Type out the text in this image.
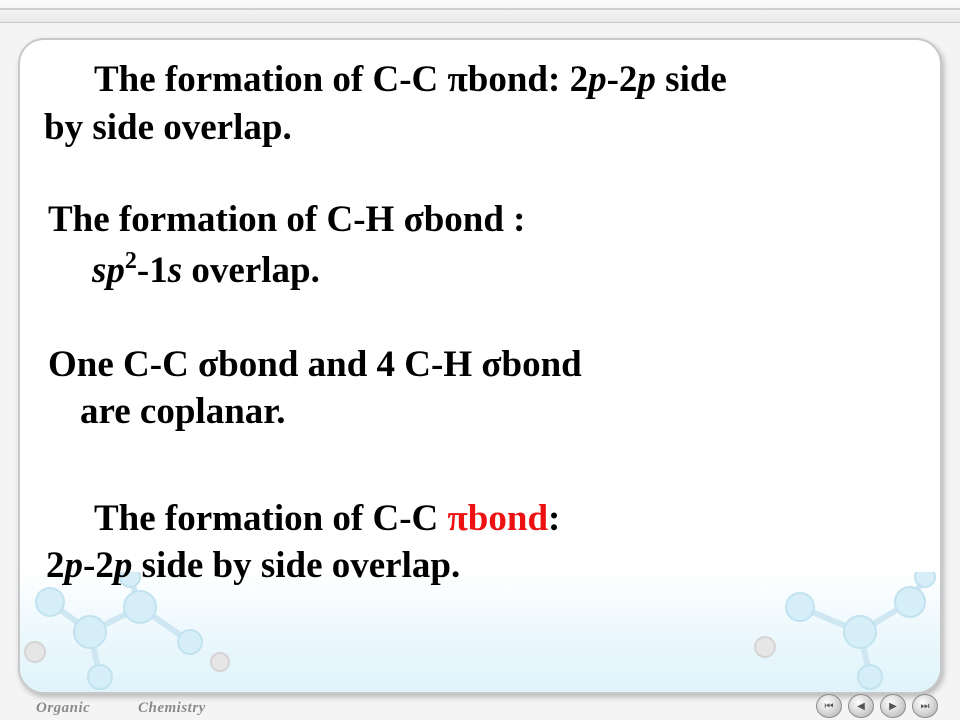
The formation of C-C πbond: 2p-2p side

by side overlap.

The formation of C-H σbond :

$sp^2-1s$ overlap.

One C-C σbond and 4 C-H σbond

are coplanar.

The formation of C-C πbond:

2p-2p side by side overlap.

Organic	Chemistry	⏮ ◀ ▶ ⏭
